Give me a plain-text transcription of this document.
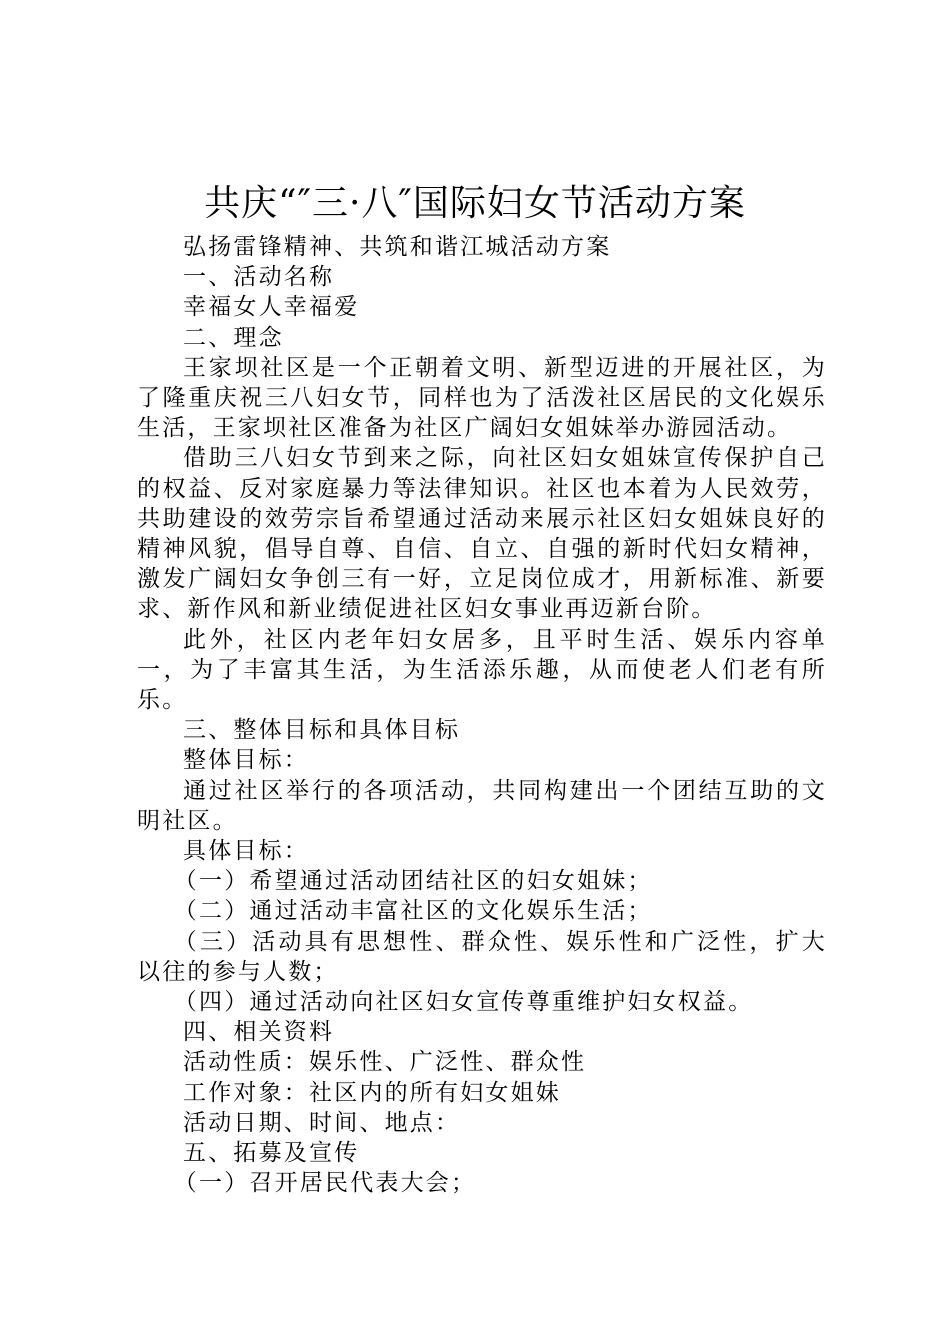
共庆“″三·八″国际妇女节活动方案

弘扬雷锋精神、共筑和谐江城活动方案

一、活动名称

幸福女人幸福爱

二、理念

王家坝社区是一个正朝着文明、新型迈进的开展社区，为了隆重庆祝三八妇女节，同样也为了活泼社区居民的文化娱乐生活，王家坝社区准备为社区广阔妇女姐妹举办游园活动。

借助三八妇女节到来之际，向社区妇女姐妹宣传保护自己的权益、反对家庭暴力等法律知识。社区也本着为人民效劳，共助建设的效劳宗旨希望通过活动来展示社区妇女姐妹良好的精神风貌，倡导自尊、自信、自立、自强的新时代妇女精神，激发广阔妇女争创三有一好，立足岗位成才，用新标准、新要求、新作风和新业绩促进社区妇女事业再迈新台阶。

此外，社区内老年妇女居多，且平时生活、娱乐内容单一，为了丰富其生活，为生活添乐趣，从而使老人们老有所乐。

三、整体目标和具体目标

整体目标：

通过社区举行的各项活动，共同构建出一个团结互助的文明社区。

具体目标：

（一）希望通过活动团结社区的妇女姐妹；

（二）通过活动丰富社区的文化娱乐生活；

（三）活动具有思想性、群众性、娱乐性和广泛性，扩大以往的参与人数；

（四）通过活动向社区妇女宣传尊重维护妇女权益。

四、相关资料

活动性质：娱乐性、广泛性、群众性

工作对象：社区内的所有妇女姐妹

活动日期、时间、地点：

五、拓募及宣传

（一）召开居民代表大会；
